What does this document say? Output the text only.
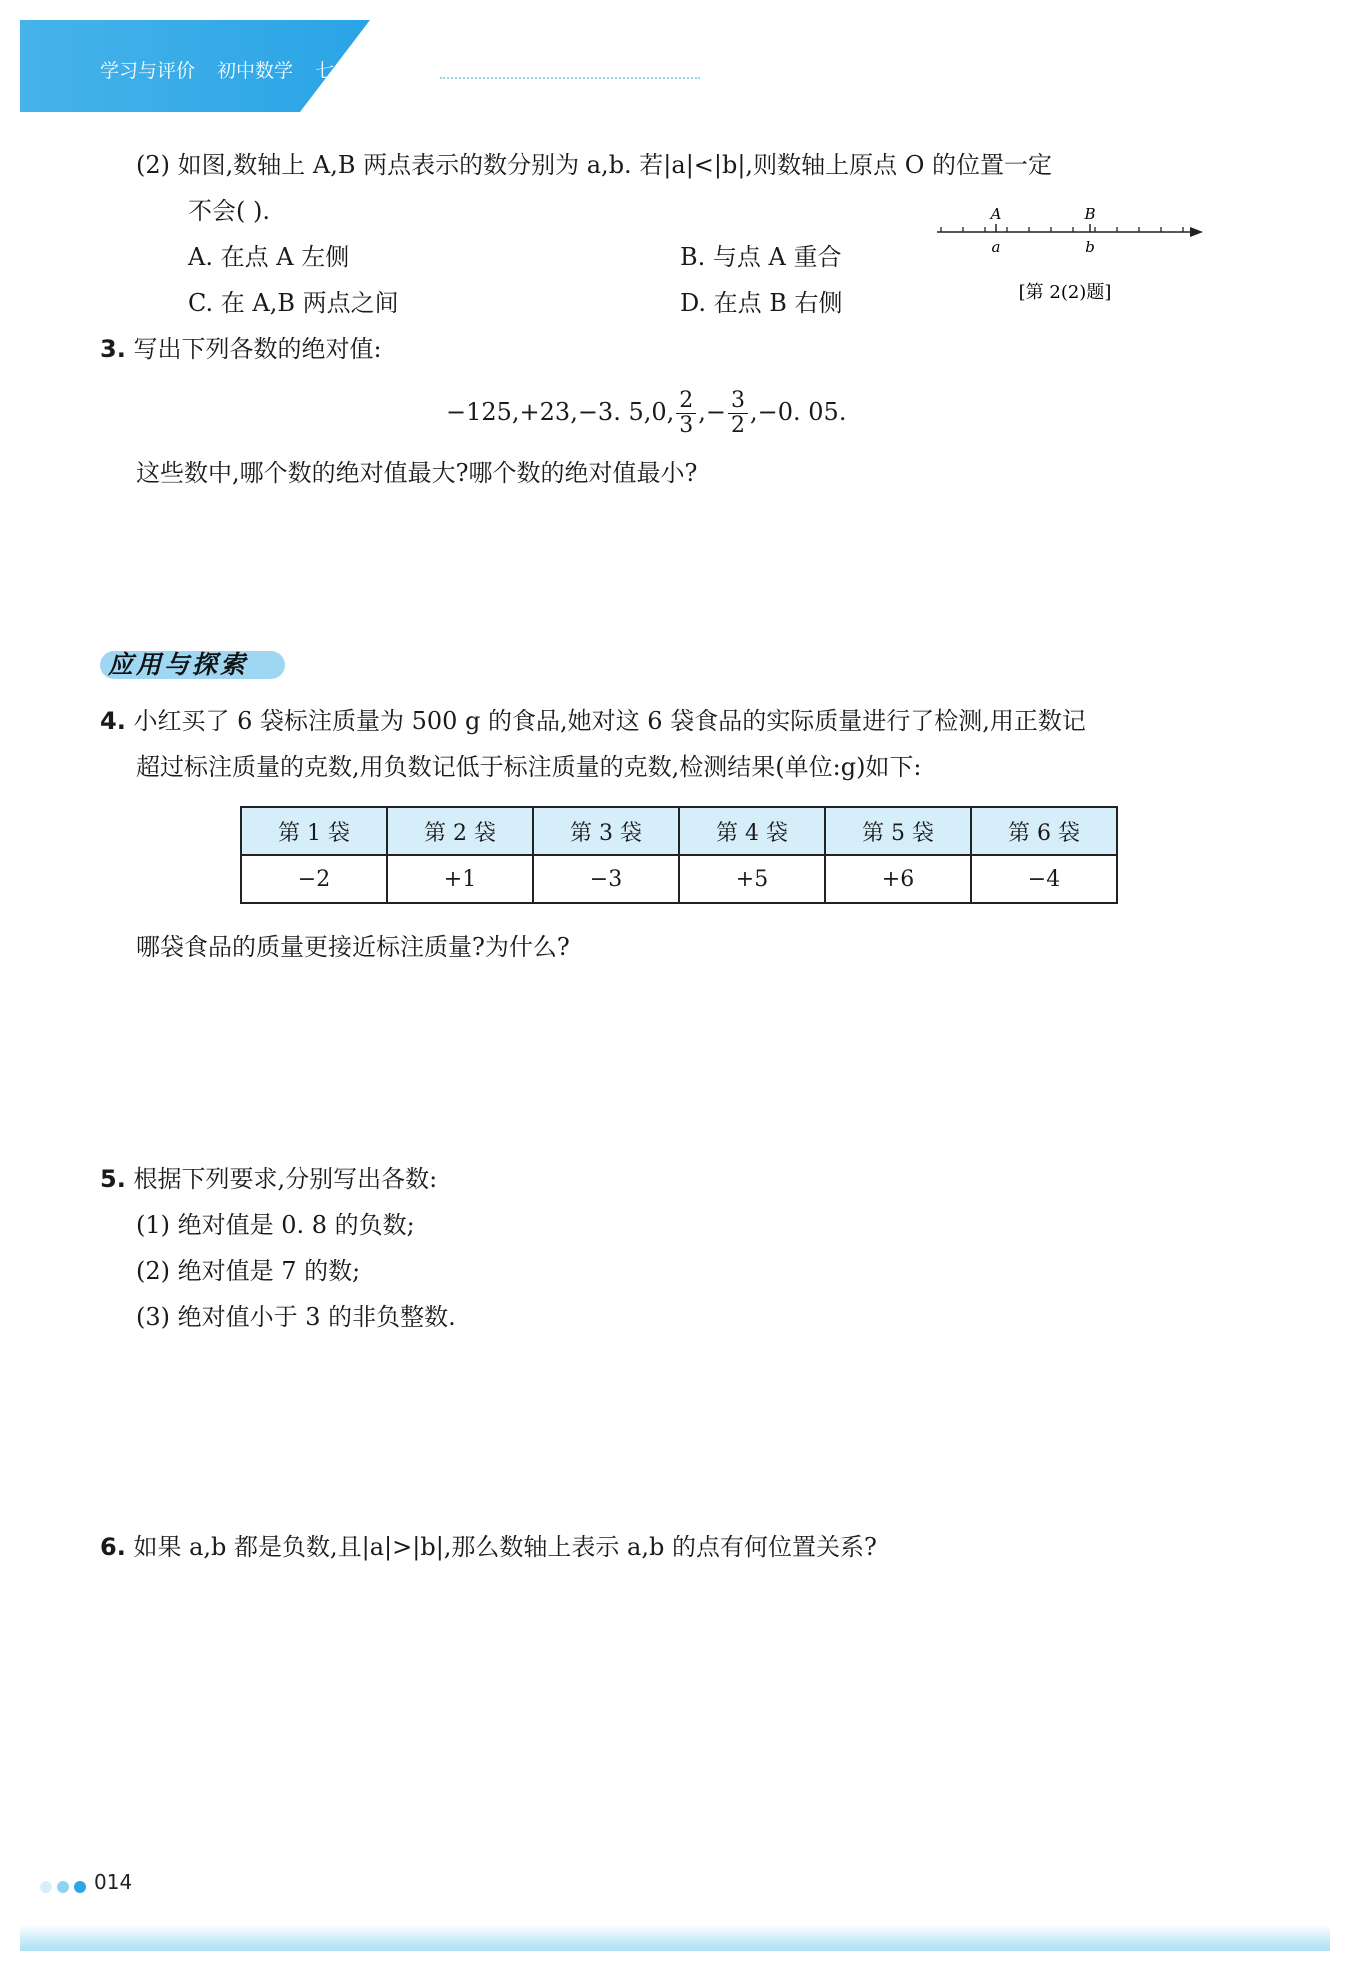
学习与评价 初中数学 七年级上册
(2) 如图,数轴上 A,B 两点表示的数分别为 a,b. 若|a|<|b|,则数轴上原点 O 的位置一定
不会( ).
A. 在点 A 左侧	B. 与点 A 重合
C. 在 A,B 两点之间	D. 在点 B 右侧
A	B
a	b
[第 2(2)题]
3. 写出下列各数的绝对值:
−125,+23,−3. 5,0, $\frac{2}{3}$ ,− $\frac{3}{2} ,-0$. 05.
这些数中,哪个数的绝对值最大?哪个数的绝对值最小?
应用与探索
4. 小红买了 6 袋标注质量为 500 g 的食品,她对这 6 袋食品的实际质量进行了检测,用正数记
超过标注质量的克数,用负数记低于标注质量的克数,检测结果(单位:g)如下:
第 1 袋	第 2 袋	第 3 袋	第 4 袋	第 5 袋	第 6 袋
−2	+1	−3	+5	+6	−4
哪袋食品的质量更接近标注质量?为什么?
5. 根据下列要求,分别写出各数:
(1) 绝对值是 0. 8 的负数;
(2) 绝对值是 7 的数;
(3) 绝对值小于 3 的非负整数.
6. 如果 a,b 都是负数,且|a|>|b|,那么数轴上表示 a,b 的点有何位置关系?
014
